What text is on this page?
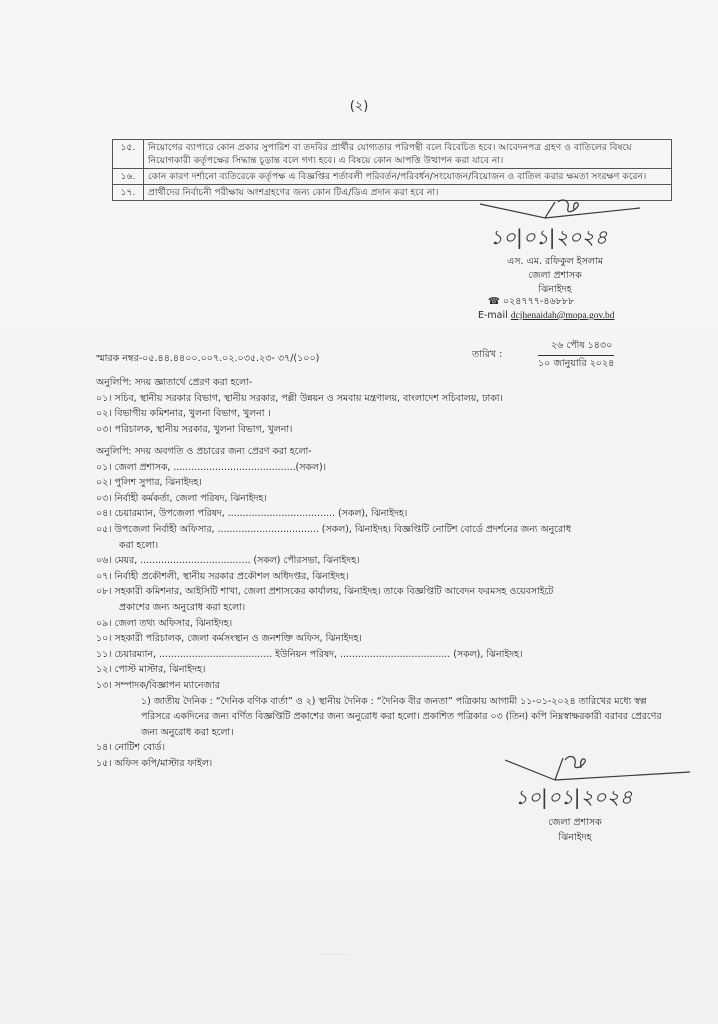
(২)
১৫.	নিয়োগের ব্যাপারে কোন প্রকার সুপারিশ বা তদবির প্রার্থীর যোগ্যতার পরিপন্থী বলে বিবেচিত হবে। আবেদনপত্র গ্রহণ ও বাতিলের বিষয়ে নিয়োগকারী কর্তৃপক্ষের সিদ্ধান্ত চূড়ান্ত বলে গণ্য হবে। এ বিষয়ে কোন আপত্তি উত্থাপন করা যাবে না।
১৬.	কোন কারণ দর্শানো ব্যতিরেকে কর্তৃপক্ষ এ বিজ্ঞপ্তির শর্তাবলী পরিবর্তন/পরিবর্ধন/সংযোজন/বিয়োজন ও বাতিল করার ক্ষমতা সংরক্ষণ করেন।
১৭.	প্রার্থীদের নির্বাচনী পরীক্ষায় অংশগ্রহণের জন্য কোন টিএ/ডিএ প্রদান করা হবে না।
১০|০১|২০২৪
এস. এম. রফিকুল ইসলাম
জেলা প্রশাসক
ঝিনাইদহ
☎ ০২৪৭৭৭-৪৬৮৮৮
E-mail dcjhenaidah@mopa.gov.bd
স্মারক নম্বর-০৫.৪৪.৪৪০০.০০৭.০২.০৩৫.২৩- ৩৭/(১০০)	তারিখ :
২৬ পৌষ ১৪৩০
১০ জানুয়ারি ২০২৪
অনুলিপি: সদয় জ্ঞাতার্থে প্রেরণ করা হলো-
০১। সচিব, স্থানীয় সরকার বিভাগ, স্থানীয় সরকার, পল্লী উন্নয়ন ও সমবায় মন্ত্রণালয়, বাংলাদেশ সচিবালয়, ঢাকা।
০২। বিভাগীয় কমিশনার, খুলনা বিভাগ, খুলনা ।
০৩। পরিচালক, স্থানীয় সরকার, খুলনা বিভাগ, খুলনা।
অনুলিপি: সদয় অবগতি ও প্রচারের জন্য প্রেরণ করা হলো-
০১। জেলা প্রশাসক, .........................................(সকল)।
০২। পুলিশ সুপার, ঝিনাইদহ।
০৩। নির্বাহী কর্মকর্তা, জেলা পরিষদ, ঝিনাইদহ।
০৪। চেয়ারম্যান, উপজেলা পরিষদ, .................................... (সকল), ঝিনাইদহ।
০৫। উপজেলা নির্বাহী অফিসার, .................................. (সকল), ঝিনাইদহ। বিজ্ঞপ্তিটি নোটিশ বোর্ডে প্রদর্শনের জন্য অনুরোধ
করা হলো।
০৬। মেয়র, ..................................... (সকল) পৌরসভা, ঝিনাইদহ।
০৭। নির্বাহী প্রকৌশলী, স্থানীয় সরকার প্রকৌশল অধিদপ্তর, ঝিনাইদহ।
০৮। সহকারী কমিশনার, আইসিটি শাখা, জেলা প্রশাসকের কার্যালয়, ঝিনাইদহ। তাকে বিজ্ঞপ্তিটি আবেদন ফরমসহ ওয়েবসাইটে
প্রকাশের জন্য অনুরোধ করা হলো।
০৯। জেলা তথ্য অফিসার, ঝিনাইদহ।
১০। সহকারী পরিচালক, জেলা কর্মসংস্থান ও জনশক্তি অফিস, ঝিনাইদহ।
১১। চেয়ারম্যান, ...................................... ইউনিয়ন পরিষদ, ..................................... (সকল), ঝিনাইদহ।
১২। পোস্ট মাস্টার, ঝিনাইদহ।
১৩। সম্পাদক/বিজ্ঞাপন ম্যানেজার
১) জাতীয় দৈনিক : “দৈনিক বণিক বার্তা” ও ২) স্থানীয় দৈনিক : “দৈনিক বীর জনতা” পত্রিকায় আগামী ১১-০১-২০২৪ তারিখের মধ্যে স্বল্প পরিসরে একদিনের জন্য বর্ণিত বিজ্ঞপ্তিটি প্রকাশের জন্য অনুরোধ করা হলো। প্রকাশিত পত্রিকার ০৩ (তিন) কপি নিম্নস্বাক্ষরকারী বরাবর প্রেরণের জন্য অনুরোধ করা হলো।
১৪। নোটিশ বোর্ড।
১৫। অফিস কপি/মাস্টার ফাইল।
১০|০১|২০২৪
জেলা প্রশাসক
ঝিনাইদহ
